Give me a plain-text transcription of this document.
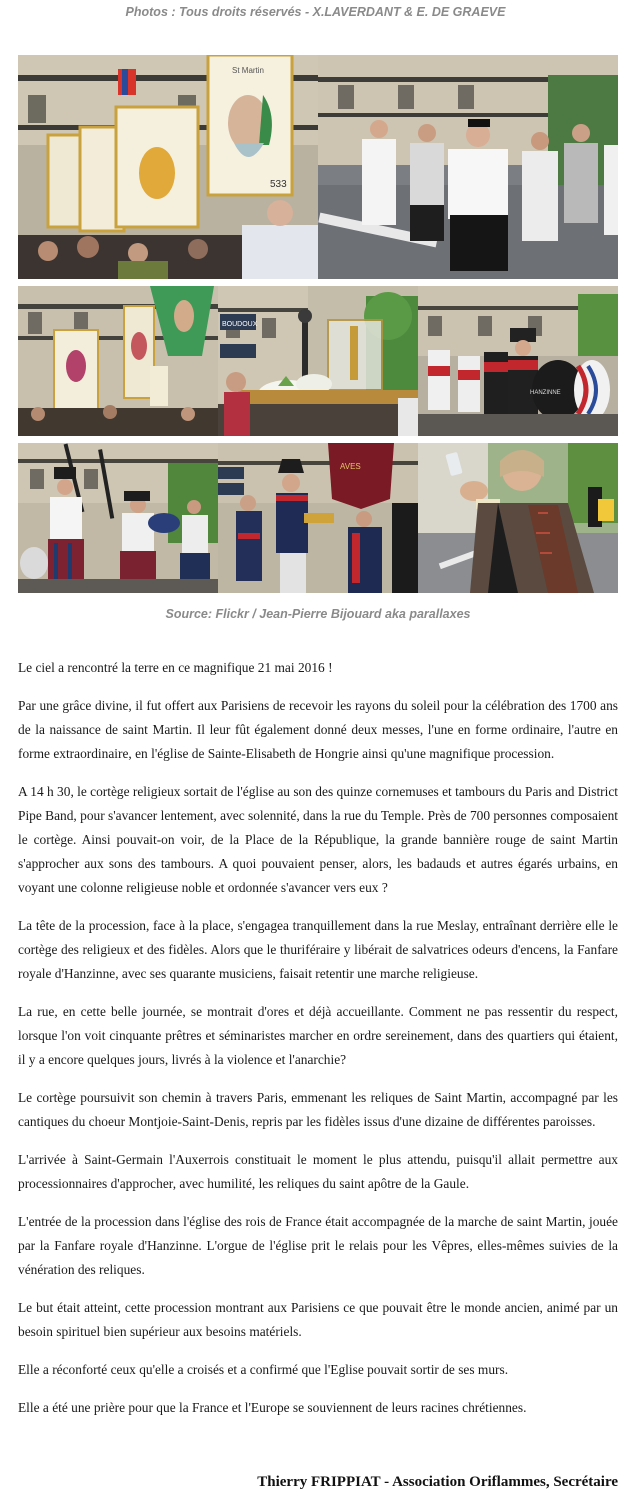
Photos : Tous droits réservés - X.LAVERDANT & E. DE GRAEVE
533
St Martin
BOUDOUX
HANZINNE
AVES
Source: Flickr / Jean-Pierre Bijouard aka parallaxes

Le ciel a rencontré la terre en ce magnifique 21 mai 2016 !

Par une grâce divine, il fut offert aux Parisiens de recevoir les rayons du soleil pour la célébration des 1700 ans de la naissance de saint Martin. Il leur fût également donné deux messes, l'une en forme ordinaire, l'autre en forme extraordinaire, en l'église de Sainte-Elisabeth de Hongrie ainsi qu'une magnifique procession.

A 14 h 30, le cortège religieux sortait de l'église au son des quinze cornemuses et tambours du Paris and District Pipe Band, pour s'avancer lentement, avec solennité, dans la rue du Temple. Près de 700 personnes composaient le cortège. Ainsi pouvait-on voir, de la Place de la République, la grande bannière rouge de saint Martin s'approcher aux sons des tambours. A quoi pouvaient penser, alors, les badauds et autres égarés urbains, en voyant une colonne religieuse noble et ordonnée s'avancer vers eux ?

La tête de la procession, face à la place, s'engagea tranquillement dans la rue Meslay, entraînant derrière elle le cortège des religieux et des fidèles. Alors que le thuriféraire y libérait de salvatrices odeurs d'encens, la Fanfare royale d'Hanzinne, avec ses quarante musiciens, faisait retentir une marche religieuse.

La rue, en cette belle journée, se montrait d'ores et déjà accueillante. Comment ne pas ressentir du respect, lorsque l'on voit cinquante prêtres et séminaristes marcher en ordre sereinement, dans des quartiers qui étaient, il y a encore quelques jours, livrés à la violence et l'anarchie?

Le cortège poursuivit son chemin à travers Paris, emmenant les reliques de Saint Martin, accompagné par les cantiques du choeur Montjoie-Saint-Denis, repris par les fidèles issus d'une dizaine de différentes paroisses.

L'arrivée à Saint-Germain l'Auxerrois constituait le moment le plus attendu, puisqu'il allait permettre aux processionnaires d'approcher, avec humilité, les reliques du saint apôtre de la Gaule.

L'entrée de la procession dans l'église des rois de France était accompagnée de la marche de saint Martin, jouée par la Fanfare royale d'Hanzinne. L'orgue de l'église prit le relais pour les Vêpres, elles-mêmes suivies de la vénération des reliques.

Le but était atteint, cette procession montrant aux Parisiens ce que pouvait être le monde ancien, animé par un besoin spirituel bien supérieur aux besoins matériels.

Elle a réconforté ceux qu'elle a croisés et a confirmé que l'Eglise pouvait sortir de ses murs.

Elle a été une prière pour que la France et l'Europe se souviennent de leurs racines chrétiennes.

Thierry FRIPPIAT - Association Oriflammes, Secrétaire
